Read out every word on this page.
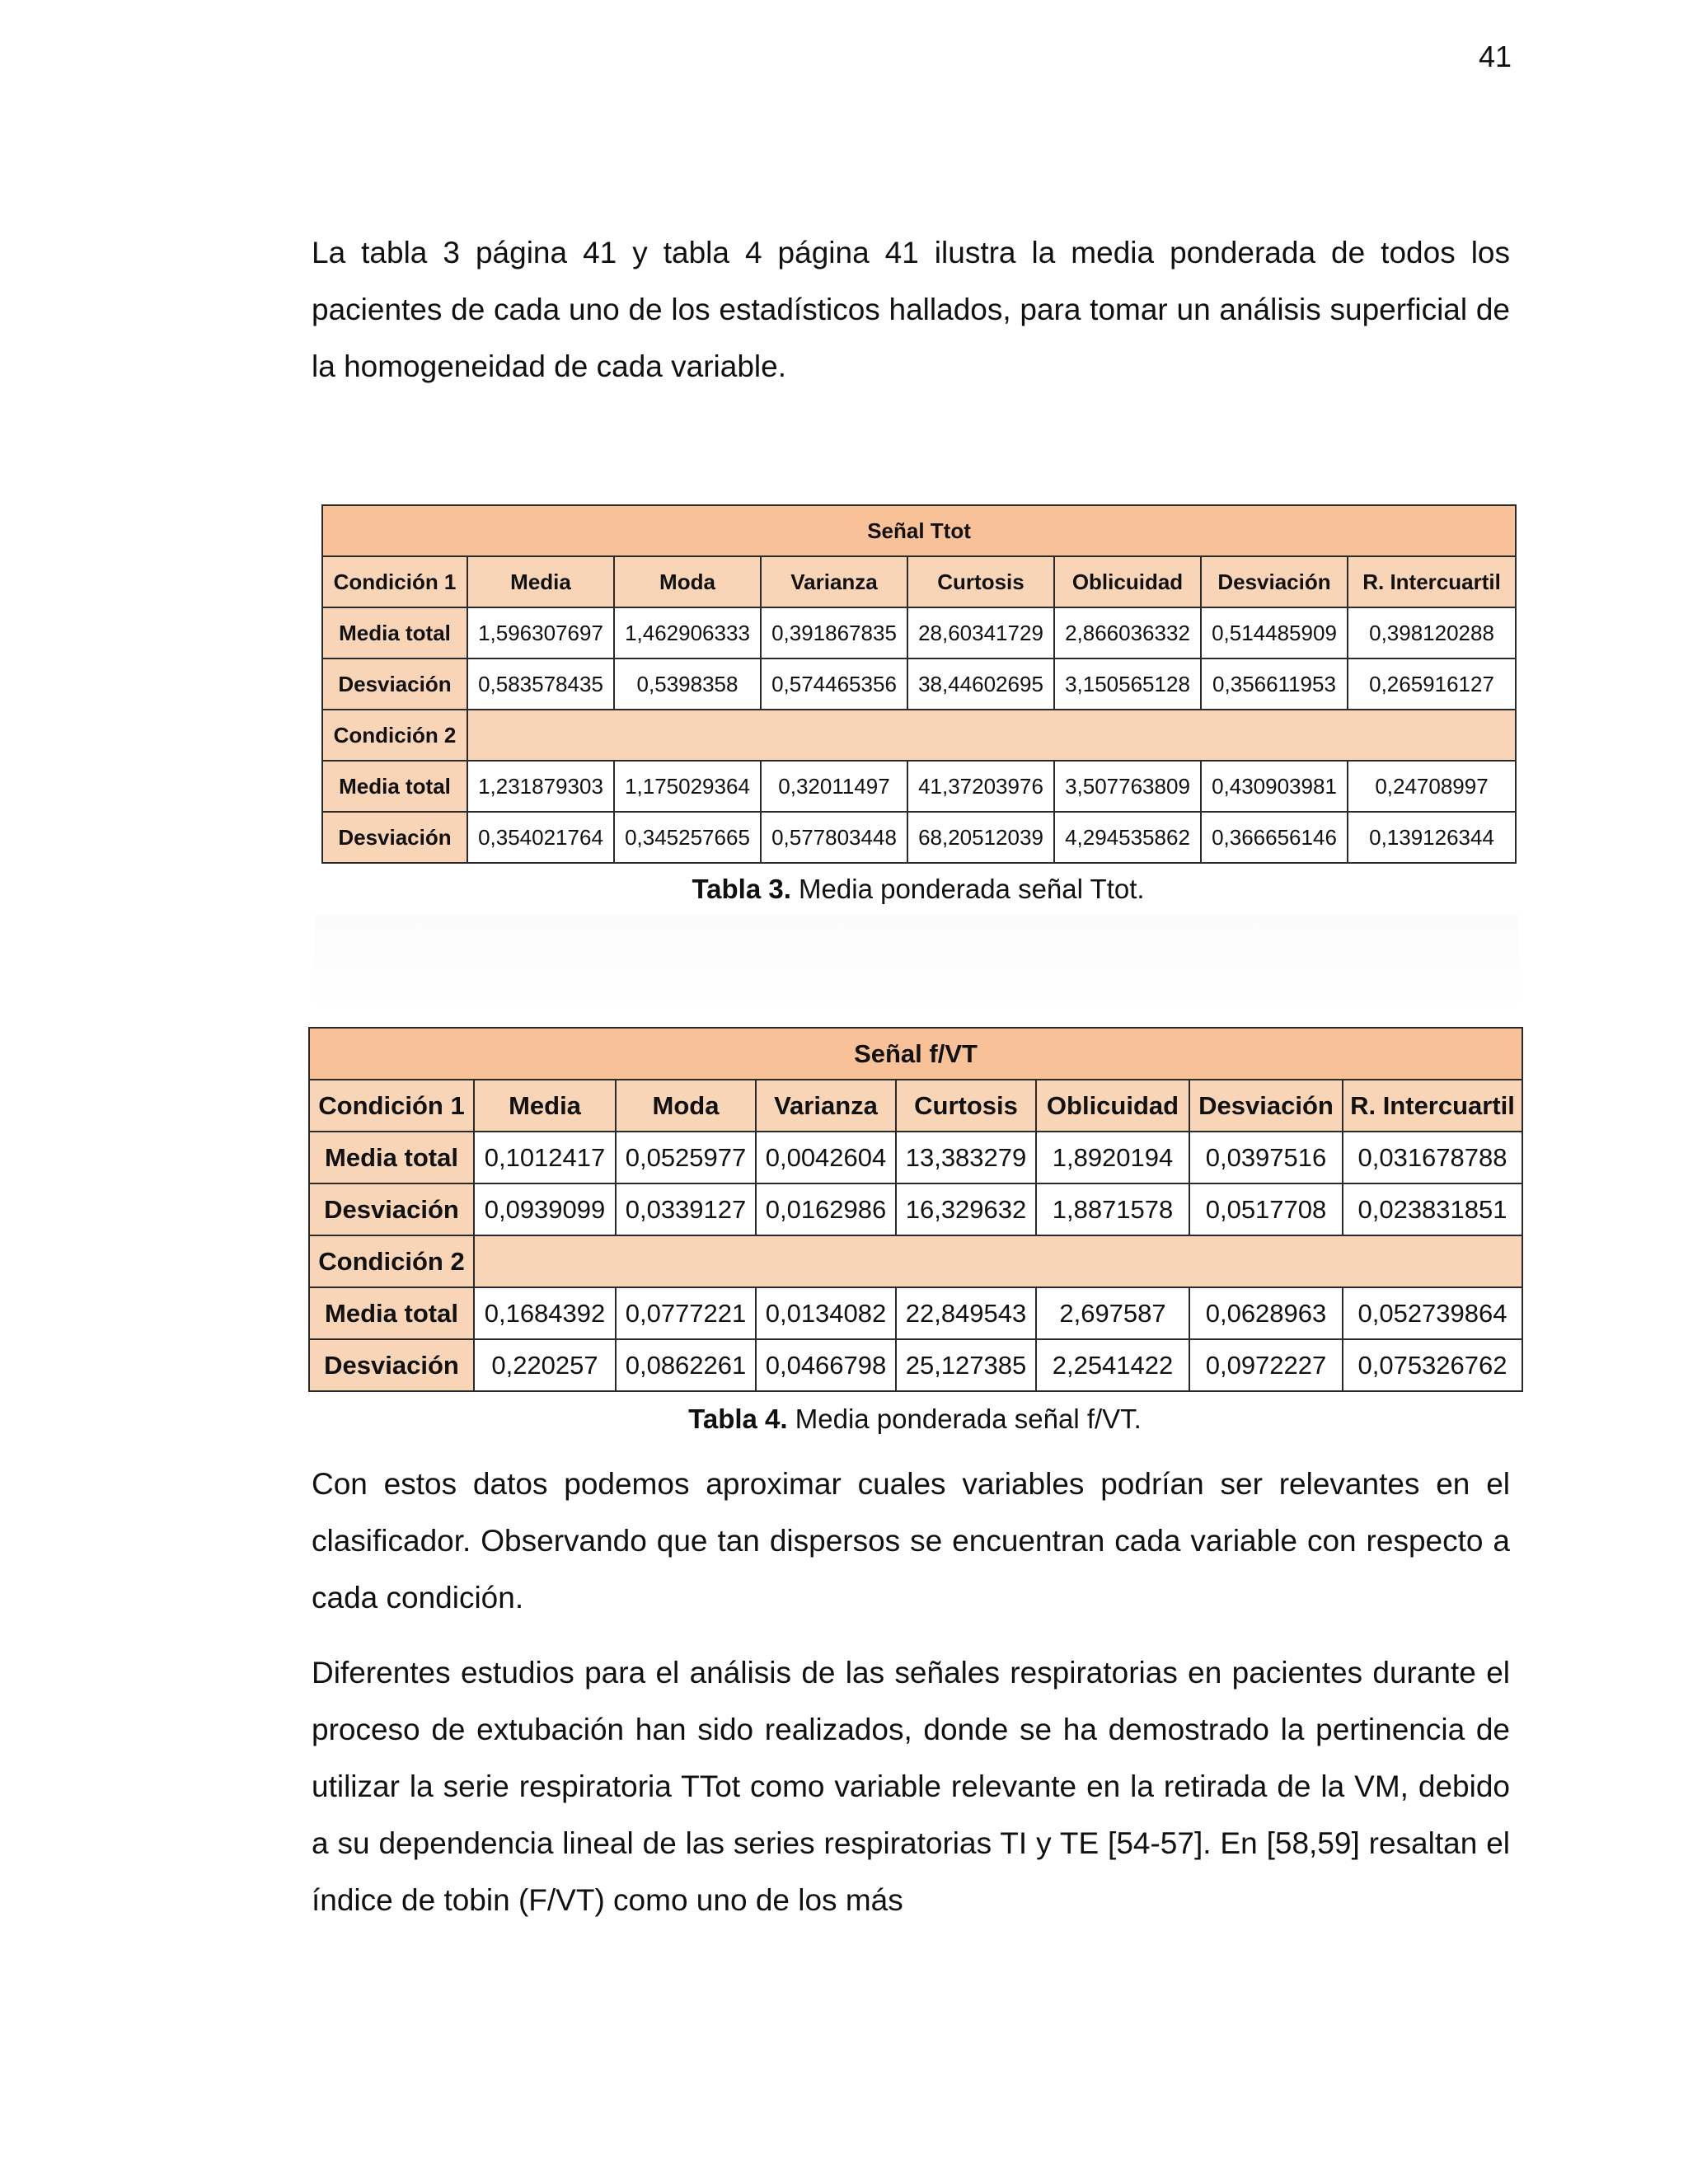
41

La tabla 3 página 41 y tabla 4 página 41 ilustra la media ponderada de todos los pacientes de cada uno de los estadísticos hallados, para tomar un análisis superficial de la homogeneidad de cada variable.

Señal Ttot							
Condición 1	Media	Moda	Varianza	Curtosis	Oblicuidad	Desviación	R. Intercuartil
Media total	1,596307697	1,462906333	0,391867835	28,60341729	2,866036332	0,514485909	0,398120288
Desviación	0,583578435	0,5398358	0,574465356	38,44602695	3,150565128	0,356611953	0,265916127
Condición 2							
Media total	1,231879303	1,175029364	0,32011497	41,37203976	3,507763809	0,430903981	0,24708997
Desviación	0,354021764	0,345257665	0,577803448	68,20512039	4,294535862	0,366656146	0,139126344

Tabla 3. Media ponderada señal Ttot.

Señal f/VT							
Condición 1	Media	Moda	Varianza	Curtosis	Oblicuidad	Desviación	R. Intercuartil
Media total	0,1012417	0,0525977	0,0042604	13,383279	1,8920194	0,0397516	0,031678788
Desviación	0,0939099	0,0339127	0,0162986	16,329632	1,8871578	0,0517708	0,023831851
Condición 2							
Media total	0,1684392	0,0777221	0,0134082	22,849543	2,697587	0,0628963	0,052739864
Desviación	0,220257	0,0862261	0,0466798	25,127385	2,2541422	0,0972227	0,075326762

Tabla 4. Media ponderada señal f/VT.

Con estos datos podemos aproximar cuales variables podrían ser relevantes en el clasificador. Observando que tan dispersos se encuentran cada variable con respecto a cada condición.

Diferentes estudios para el análisis de las señales respiratorias en pacientes durante el proceso de extubación han sido realizados, donde se ha demostrado la pertinencia de utilizar la serie respiratoria TTot como variable relevante en la retirada de la VM, debido a su dependencia lineal de las series respiratorias TI y TE [54-57]. En [58,59] resaltan el índice de tobin (F/VT) como uno de los más
